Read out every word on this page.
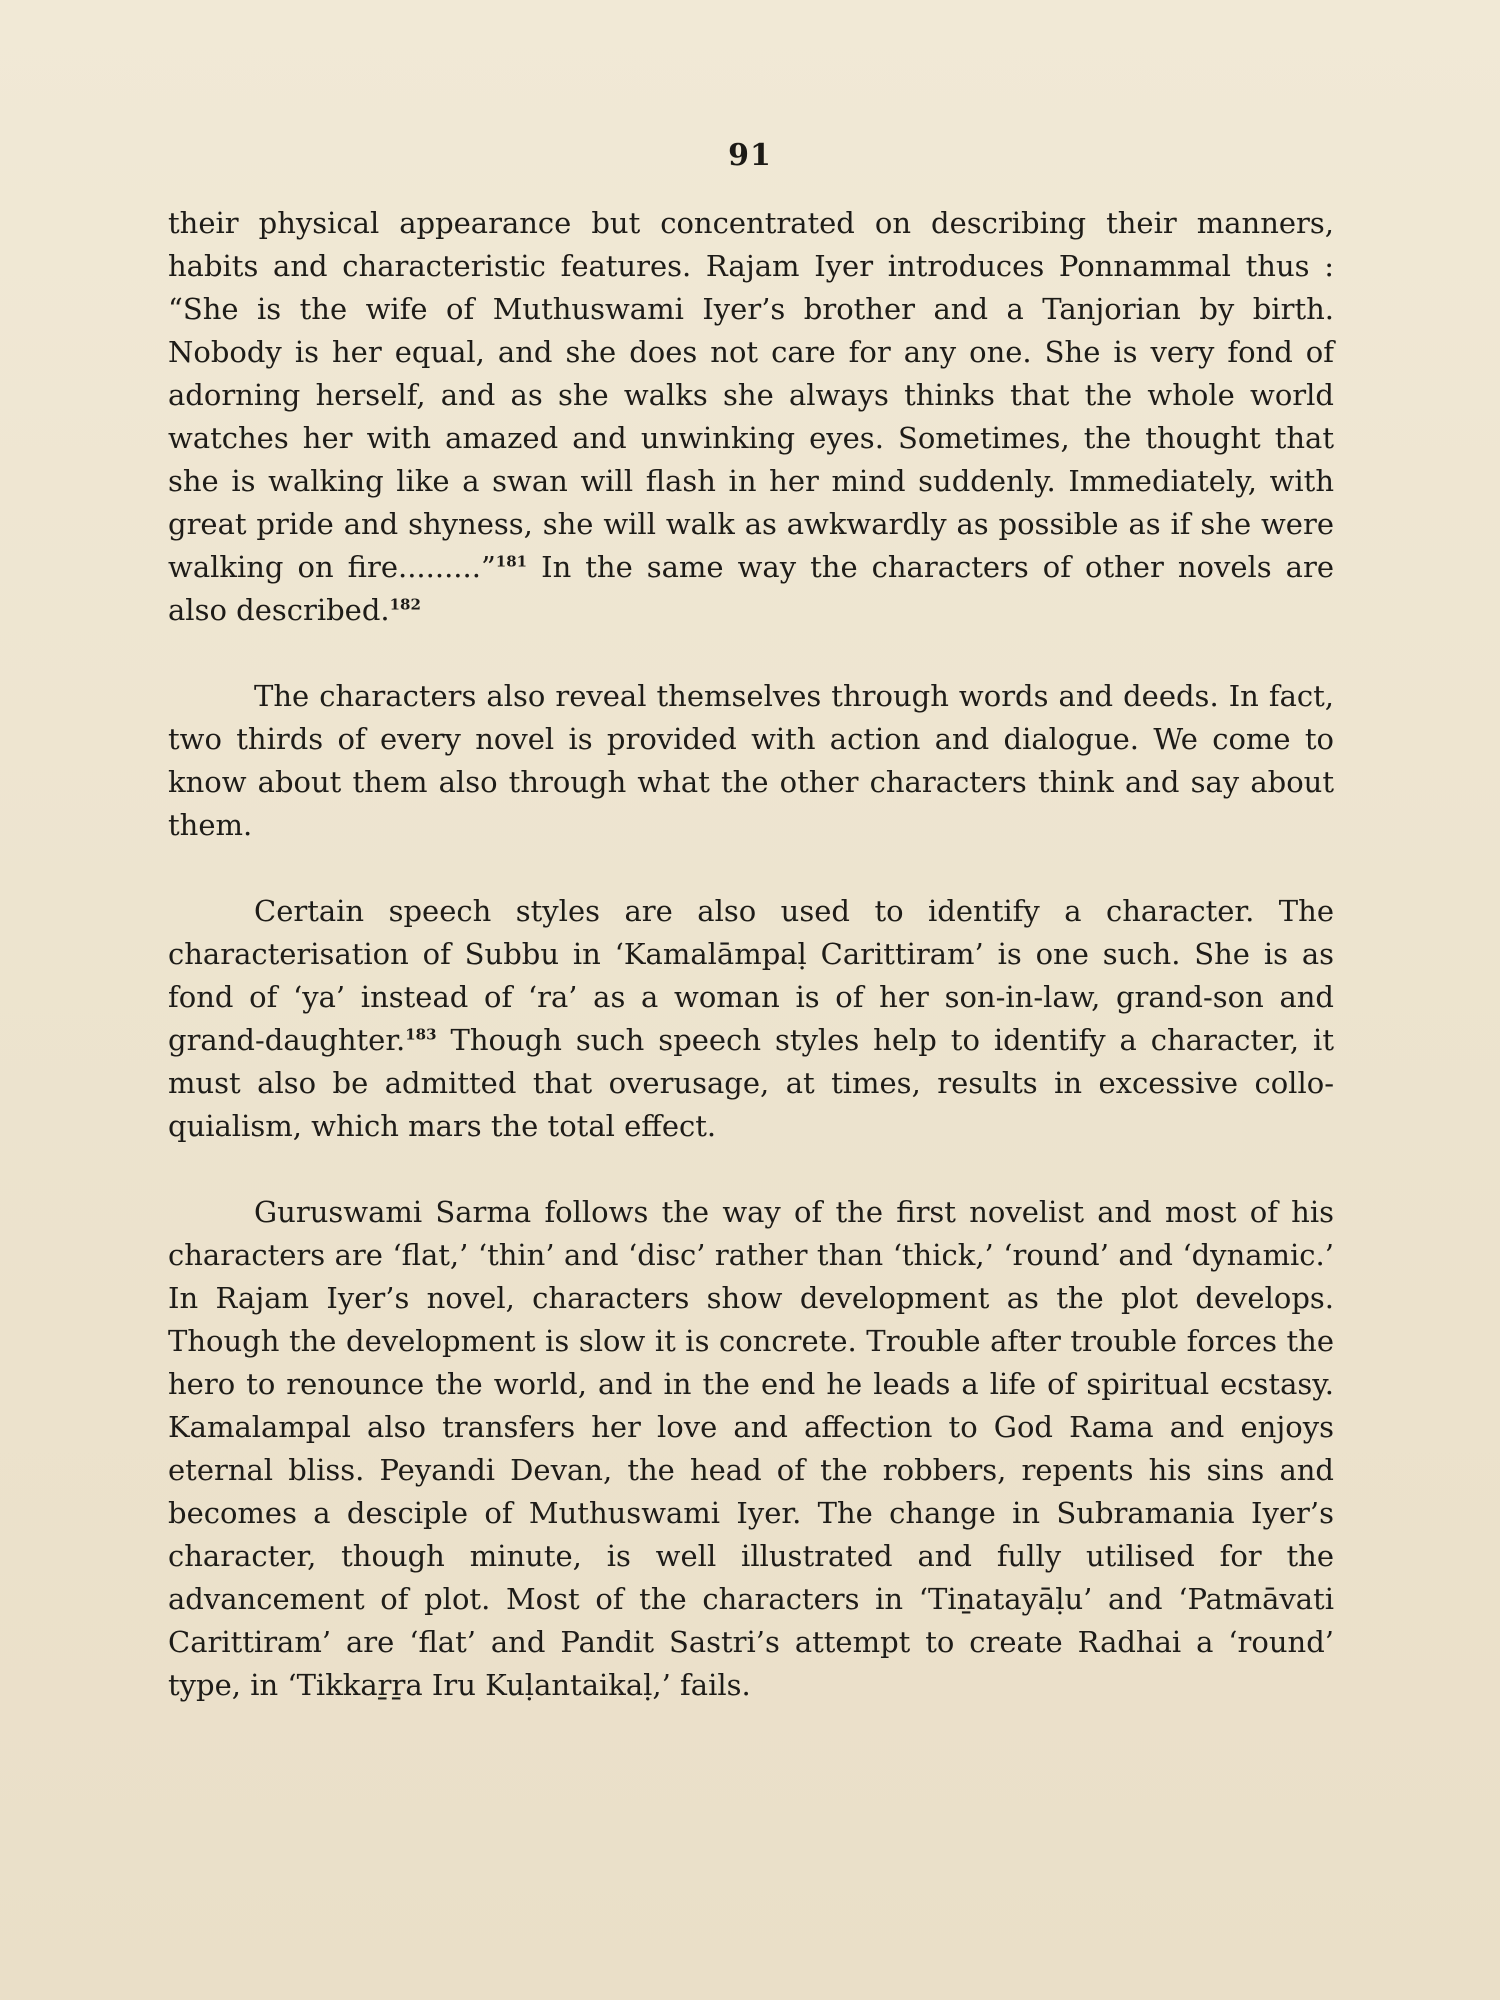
91

their physical appearance but concentrated on describing their manners, habits and characteristic features. Rajam Iyer introduces Ponnammal thus : “She is the wife of Muthuswami Iyer’s brother and a Tanjorian by birth. Nobody is her equal, and she does not care for any one. She is very fond of adorning herself, and as she walks she always thinks that the whole world watches her with amazed and unwinking eyes. Sometimes, the thought that she is walking like a swan will flash in her mind suddenly. Immediately, with great pride and shyness, she will walk as awkwardly as possible as if she were walking on fire.........”$^{181}$ In the same way the characters of other novels are also described.$^{182}$

The characters also reveal themselves through words and deeds. In fact, two thirds of every novel is provided with action and dialogue. We come to know about them also through what the other characters think and say about them.

Certain speech styles are also used to identify a character. The characterisation of Subbu in ‘Kamalāmpaḷ Carittiram’ is one such. She is as fond of ‘ya’ instead of ‘ra’ as a woman is of her son-in-law, grand-son and grand-daughter.$^{183}$ Though such speech styles help to identify a character, it must also be admitted that overusage, at times, results in excessive colloquialism, which mars the total effect.

Guruswami Sarma follows the way of the first novelist and most of his characters are ‘flat,’ ‘thin’ and ‘disc’ rather than ‘thick,’ ‘round’ and ‘dynamic.’ In Rajam Iyer’s novel, characters show development as the plot develops. Though the development is slow it is concrete. Trouble after trouble forces the hero to renounce the world, and in the end he leads a life of spiritual ecstasy. Kamalampal also transfers her love and affection to God Rama and enjoys eternal bliss. Peyandi Devan, the head of the robbers, repents his sins and becomes a desciple of Muthuswami Iyer. The change in Subramania Iyer’s character, though minute, is well illustrated and fully utilised for the advancement of plot. Most of the characters in ‘Tiṉatayāḷu’ and ‘Patmāvati Carittiram’ are ‘flat’ and Pandit Sastri’s attempt to create Radhai a ‘round’ type, in ‘Tikkaṟṟa Iru Kuḷantaikaḷ,’ fails.
